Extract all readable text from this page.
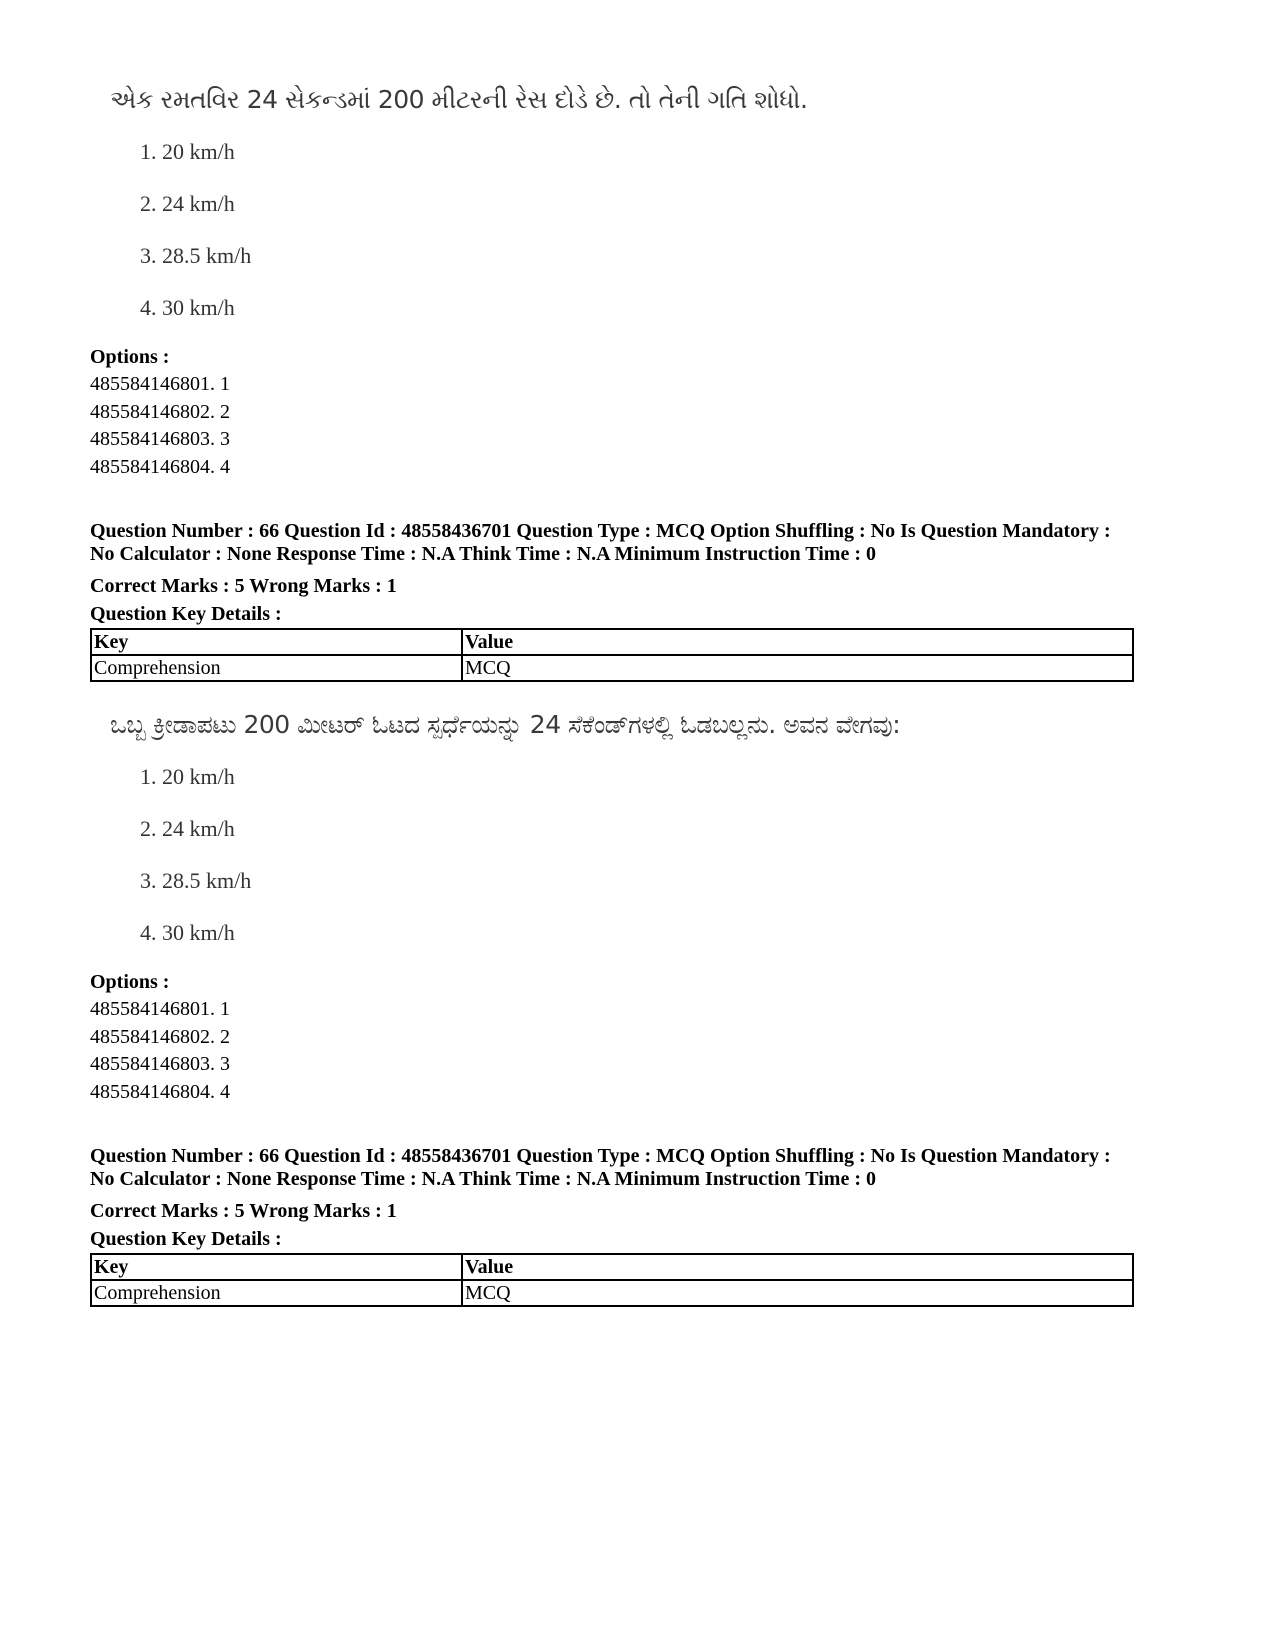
એક રમતવિર 24 સેકન્ડમાં 200 મીટરની રેસ દોડે છે. તો તેની ગતિ શોધો.
1. 20 km/h
2. 24 km/h
3. 28.5 km/h
4. 30 km/h
Options :
485584146801. 1
485584146802. 2
485584146803. 3
485584146804. 4
Question Number : 66 Question Id : 48558436701 Question Type : MCQ Option Shuffling : No Is Question Mandatory :
No Calculator : None Response Time : N.A Think Time : N.A Minimum Instruction Time : 0
Correct Marks : 5 Wrong Marks : 1
Question Key Details :
Key	Value
Comprehension	MCQ
ಒಬ್ಬ ಕ್ರೀಡಾಪಟು 200 ಮೀಟರ್ ಓಟದ ಸ್ಪರ್ಧೆಯನ್ನು 24 ಸೆಕೆಂಡ್‌ಗಳಲ್ಲಿ ಓಡಬಲ್ಲನು. ಅವನ ವೇಗವು:
1. 20 km/h
2. 24 km/h
3. 28.5 km/h
4. 30 km/h
Options :
485584146801. 1
485584146802. 2
485584146803. 3
485584146804. 4
Question Number : 66 Question Id : 48558436701 Question Type : MCQ Option Shuffling : No Is Question Mandatory :
No Calculator : None Response Time : N.A Think Time : N.A Minimum Instruction Time : 0
Correct Marks : 5 Wrong Marks : 1
Question Key Details :
Key	Value
Comprehension	MCQ
